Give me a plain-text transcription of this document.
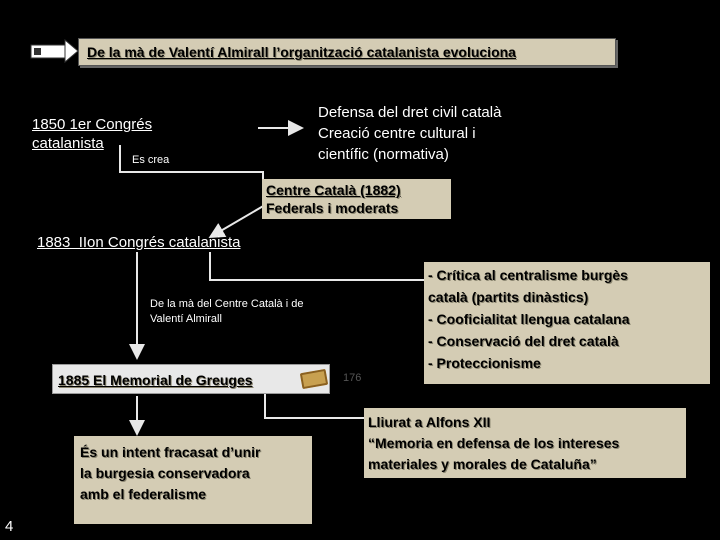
De la mà de Valentí Almirall l’organització catalanista evoluciona
1850 1er Congrés
catalanista
Es crea
Defensa del dret civil català
Creació centre cultural i
científic (normativa)
Centre Català (1882)
Federals i moderats
1883  IIon Congrés catalanista
De la mà del Centre Català i de
Valentí Almirall
- Crítica al centralisme burgès
català (partits dinàstics)
- Cooficialitat llengua catalana
- Conservació del dret català
- Proteccionisme
1885 El Memorial de Greuges	176
És un intent fracasat d’unir
la burgesia conservadora
amb el federalisme
Lliurat a Alfons XII
“Memoria en defensa de los intereses
materiales y morales de Cataluña”
4
